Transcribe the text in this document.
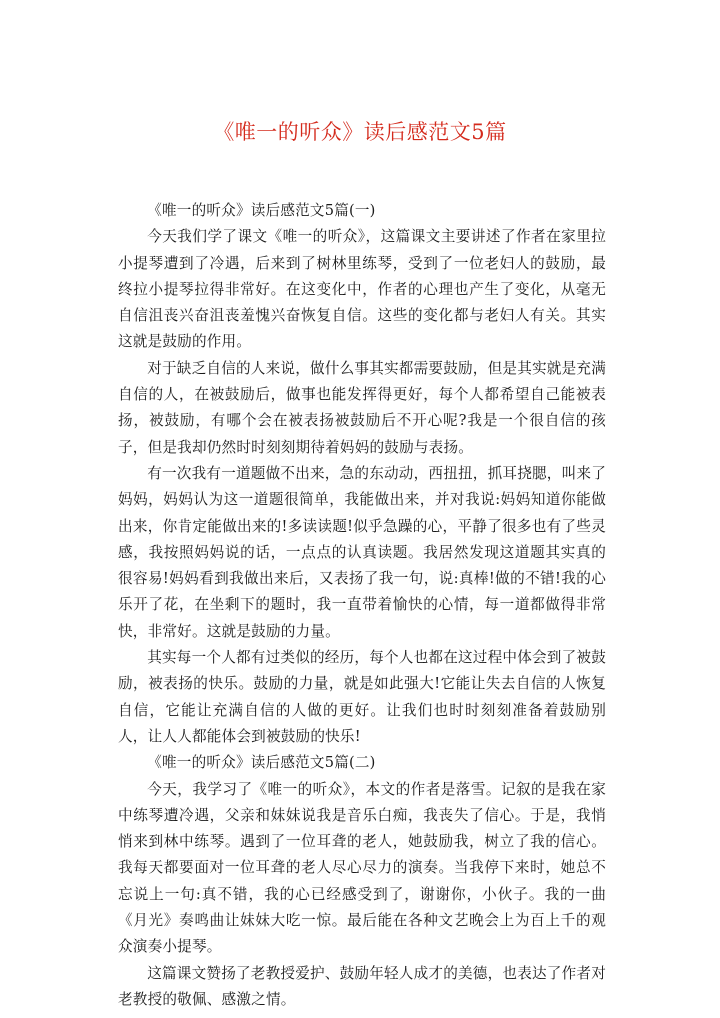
《唯一的听众》读后感范文5篇

《唯一的听众》读后感范文5篇(一)

今天我们学了课文《唯一的听众》，这篇课文主要讲述了作者在家里拉小提琴遭到了冷遇，后来到了树林里练琴，受到了一位老妇人的鼓励，最终拉小提琴拉得非常好。在这变化中，作者的心理也产生了变化，从毫无自信沮丧兴奋沮丧羞愧兴奋恢复自信。这些的变化都与老妇人有关。其实这就是鼓励的作用。

对于缺乏自信的人来说，做什么事其实都需要鼓励，但是其实就是充满自信的人，在被鼓励后，做事也能发挥得更好，每个人都希望自己能被表扬，被鼓励，有哪个会在被表扬被鼓励后不开心呢?我是一个很自信的孩子，但是我却仍然时时刻刻期待着妈妈的鼓励与表扬。

有一次我有一道题做不出来，急的东动动，西扭扭，抓耳挠腮，叫来了妈妈，妈妈认为这一道题很简单，我能做出来，并对我说:妈妈知道你能做出来，你肯定能做出来的!多读读题!似乎急躁的心，平静了很多也有了些灵感，我按照妈妈说的话，一点点的认真读题。我居然发现这道题其实真的很容易!妈妈看到我做出来后，又表扬了我一句，说:真棒!做的不错!我的心乐开了花，在坐剩下的题时，我一直带着愉快的心情，每一道都做得非常快，非常好。这就是鼓励的力量。

其实每一个人都有过类似的经历，每个人也都在这过程中体会到了被鼓励，被表扬的快乐。鼓励的力量，就是如此强大!它能让失去自信的人恢复自信，它能让充满自信的人做的更好。让我们也时时刻刻准备着鼓励别人，让人人都能体会到被鼓励的快乐!

《唯一的听众》读后感范文5篇(二)

今天，我学习了《唯一的听众》，本文的作者是落雪。记叙的是我在家中练琴遭冷遇，父亲和妹妹说我是音乐白痴，我丧失了信心。于是，我悄悄来到林中练琴。遇到了一位耳聋的老人，她鼓励我，树立了我的信心。我每天都要面对一位耳聋的老人尽心尽力的演奏。当我停下来时，她总不忘说上一句:真不错，我的心已经感受到了，谢谢你，小伙子。我的一曲《月光》奏鸣曲让妹妹大吃一惊。最后能在各种文艺晚会上为百上千的观众演奏小提琴。

这篇课文赞扬了老教授爱护、鼓励年轻人成才的美德，也表达了作者对老教授的敬佩、感激之情。
